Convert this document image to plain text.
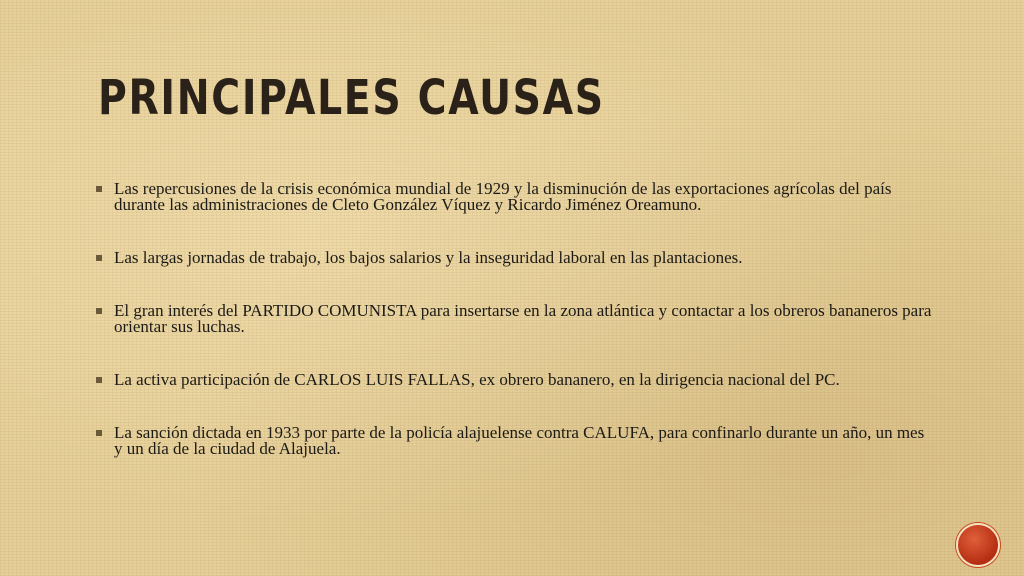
PRINCIPALES CAUSAS
Las repercusiones de la crisis económica mundial de 1929 y la disminución de las exportaciones agrícolas del país durante las administraciones de Cleto González Víquez y Ricardo Jiménez Oreamuno.
Las largas jornadas de trabajo, los bajos salarios y la inseguridad laboral en las plantaciones.
El gran interés del PARTIDO COMUNISTA para insertarse en la zona atlántica y contactar a los obreros bananeros para orientar sus luchas.
La activa participación de CARLOS LUIS FALLAS, ex obrero bananero, en la dirigencia nacional del PC.
La sanción dictada en 1933 por parte de la policía alajuelense contra CALUFA, para confinarlo durante un año, un mes y un día de la ciudad de Alajuela.
